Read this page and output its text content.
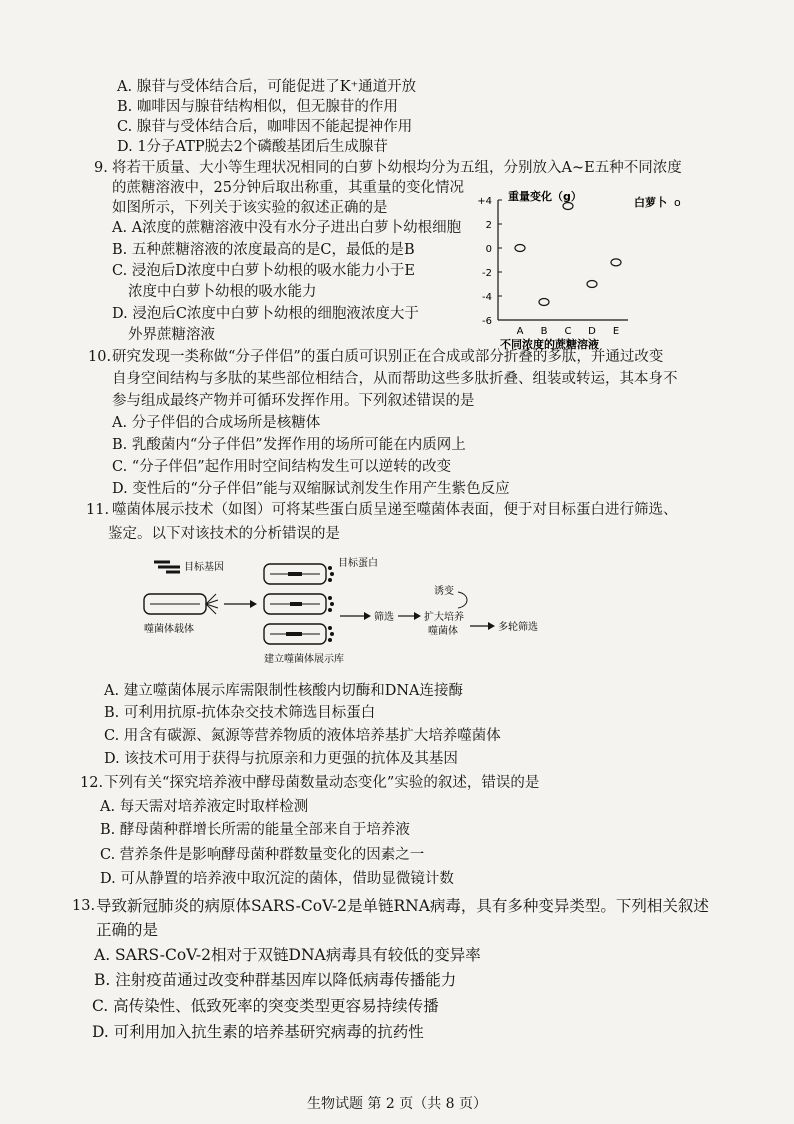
A. 腺苷与受体结合后，可能促进了K⁺通道开放
B. 咖啡因与腺苷结构相似，但无腺苷的作用
C. 腺苷与受体结合后，咖啡因不能起提神作用
D. 1分子ATP脱去2个磷酸基团后生成腺苷
9. 将若干质量、大小等生理状况相同的白萝卜幼根均分为五组，分别放入A~E五种不同浓度
的蔗糖溶液中，25分钟后取出称重，其重量的变化情况
如图所示，下列关于该实验的叙述正确的是
A. A浓度的蔗糖溶液中没有水分子进出白萝卜幼根细胞
B. 五种蔗糖溶液的浓度最高的是C，最低的是B
C. 浸泡后D浓度中白萝卜幼根的吸水能力小于E
浓度中白萝卜幼根的吸水能力
D. 浸泡后C浓度中白萝卜幼根的细胞液浓度大于
外界蔗糖溶液
重量变化（g）	白萝卜 o
+4
2
0
-2
-4
-6
A B C D E
不同浓度的蔗糖溶液
10. 研究发现一类称做“分子伴侣”的蛋白质可识别正在合成或部分折叠的多肽，并通过改变
自身空间结构与多肽的某些部位相结合，从而帮助这些多肽折叠、组装或转运，其本身不
参与组成最终产物并可循环发挥作用。下列叙述错误的是
A. 分子伴侣的合成场所是核糖体
B. 乳酸菌内“分子伴侣”发挥作用的场所可能在内质网上
C. “分子伴侣”起作用时空间结构发生可以逆转的改变
D. 变性后的“分子伴侣”能与双缩脲试剂发生作用产生紫色反应
11. 噬菌体展示技术（如图）可将某些蛋白质呈递至噬菌体表面，便于对目标蛋白进行筛选、
鉴定。以下对该技术的分析错误的是
目标基因
噬菌体载体
目标蛋白
建立噬菌体展示库
筛选
诱变
扩大培养
噬菌体	多轮筛选
A. 建立噬菌体展示库需限制性核酸内切酶和DNA连接酶
B. 可利用抗原-抗体杂交技术筛选目标蛋白
C. 用含有碳源、氮源等营养物质的液体培养基扩大培养噬菌体
D. 该技术可用于获得与抗原亲和力更强的抗体及其基因
12. 下列有关“探究培养液中酵母菌数量动态变化”实验的叙述，错误的是
A. 每天需对培养液定时取样检测
B. 酵母菌种群增长所需的能量全部来自于培养液
C. 营养条件是影响酵母菌种群数量变化的因素之一
D. 可从静置的培养液中取沉淀的菌体，借助显微镜计数
13. 导致新冠肺炎的病原体SARS-CoV-2是单链RNA病毒，具有多种变异类型。下列相关叙述
正确的是
A. SARS-CoV-2相对于双链DNA病毒具有较低的变异率
B. 注射疫苗通过改变种群基因库以降低病毒传播能力
C. 高传染性、低致死率的突变类型更容易持续传播
D. 可利用加入抗生素的培养基研究病毒的抗药性
生物试题 第 2 页（共 8 页）
